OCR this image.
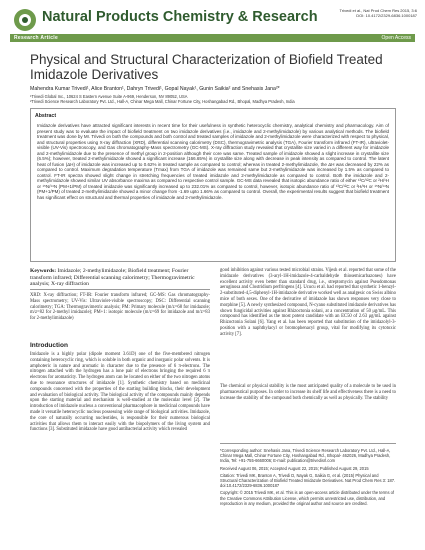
Natural Products Chemistry & Research	Trivedi et al., Nat Prod Chem Res 2015, 3:6
DOI: 10.4172/2329-6836.1000187
Research Article	Open Access
Physical and Structural Characterization of Biofield Treated Imidazole Derivatives
Mahendra Kumar Trivedi¹, Alice Branton¹, Dahryn Trivedi¹, Gopal Nayak¹, Gunin Saikia² and Snehasis Jana²*
¹Trivedi Global Inc., 10624 S Eastern Avenue Suite A-969, Henderson, NV 89052, USA
²Trivedi Science Research Laboratory Pvt. Ltd., Hall-A, Chinar Mega Mall, Chinar Fortune City, Hoshangabad Rd., Bhopal, Madhya Pradesh, India
Abstract
Imidazole derivatives have attracted significant interests in recent time for their usefulness in synthetic heterocyclic chemistry, analytical chemistry and pharmacology. Aim of present study was to evaluate the impact of biofield treatment on two imidazole derivatives (i.e., imidazole and 2-methylimidazole) by various analytical methods. The biofield treatment was done by Mr. Trivedi on both the compounds and both control and treated samples of imidazole and 2-methylimidazole were characterized with respect to physical, and structural properties using X-ray diffraction (XRD), differential scanning calorimetry (DSC), thermogravimetric analysis (TGA), Fourier transform infrared (FT-IR), ultraviolet-visible (UV-Vis) spectroscopy, and Gas chromatography-Mass spectrometry (GC-MS). X-ray diffraction study revealed that crystallite size varied in a different way for imidazole and 2-methylimidazole due to the presence of methyl group in 2-position although their core was same. Treated sample of imidazole showed a slight increase in crystallite size (6.5%); however, treated 2-methylimidazole showed a significant increase (166.65%) in crystallite size along with decrease in peak intensity as compared to control. The latent heat of fusion (ΔH) of imidazole was increased up to 0.62% in treated sample as compared to control; whereas in treated 2-methylimidazole, the ΔH was decreased by 22% as compared to control. Maximum degradation temperature (Tmax) from TGA of imidazole was remained same but 2-methylimidazole was increased by 1.5% as compared to control. FT-IR spectra showed slight change in stretching frequencies of treated imidazole and 2-methylimidazole as compared to control. Both the imidazole and 2-methylimidazole showed similar UV absorbance maxima as compared to respective control sample. GC-MS data revealed that isotopic abundance ratio of either ¹³C/¹²C or ²H/¹H or ¹⁵N/¹⁴N (PM+1/PM) of treated imidazole was significantly increased up to 232.01% as compared to control, however, isotopic abundance ratio of ¹³C/¹²C or ²H/¹H or ¹⁵N/¹⁴N (PM+1/PM) of treated 2-methylimidazole showed a minor change from -1.69 upto 1.66% as compared to control. Overall, the experimental results suggest that biofield treatment has significant effect on structural and thermal properties of imidazole and 2-methylimidazole.
Keywords: Imidazole; 2-methylimidazole; Biofield treatment; Fourier transform infrared; Differential scanning calorimetry; Thermogravimetric analysis; X-ray diffraction
XRD: X-ray diffraction; FT-IR: Fourier transform infrared; GC-MS: Gas chromatography-Mass spectrometry; UV-Vis: Ultraviolet-visible spectroscopy; DSC: Differential scanning calorimetry; TGA: Thermogravimetric analysis; PM: Primary molecule (m/z=68 for imidazole; m/z=82 for 2-methyl imidazole); PM+1: isotopic molecule (m/z=69 for imidazole and m/z=83 for 2-methylimidazole)
Introduction
Imidazole is a highly polar (dipole moment 3.61D) one of the five-membered nitrogen containing heterocyclic ring, which is soluble in both organic and inorganic polar solvents. It is amphoteric in nature and aromatic in character due to the presence of 6 π-electrons. The nitrogen attached with the hydrogen has a lone pair of electrons bringing the required 6 π electrons for aromaticity. The hydrogen atom can be located on either of the two nitrogen atoms due to resonance structures of imidazole [1]. Synthetic chemistry based on medicinal compounds concerned with the properties of the starting building blocks, their development and evaluation of biological activity. The biological activity of the compounds mainly depends upon the starting material and mechanism is well-studied at the molecular level [2]. The introduction of imidazole nucleus a conventional pharmacophore in medicinal compounds have made it versatile heterocyclic nucleus possessing wide range of biological activities. Imidazole, the core of naturally occurring nucleotides, is responsible for their numerous biological activities that allows them to interact easily with the biopolymers of the living system and functions [3]. Substituted imidazole have good antibacterial activity which revealed
good inhibition against various tested microbial strains. Vijesh et al. reported that some of the imidazole derivatives (3-aryl-1H-imidazole-4-carbaldehyde thiosemicarbazones) have excellent activity even better than standard drug, i.e., streptomycin against Pseudomonas aeruginosa and Clostridium perfringens [4]. Ucucu et al. had reported that synthetic 1-benzyl-2-substituted-4,5-diphenyl-1H-imidazole derivative worked well as analgesic on Swiss albino mice of both sexes. One of the derivative of imidazole has shown responses very close to morphine [5]. A newly synthesized compound, N-cyano substituted imidazole derivatives has shown fungicidal activities against Rhizoctonia solani, at a concentration of 50 μg/mL. This compound has identified as the most potent candidate with an EC50 of 2.63 μg/mL against Rhizoctonia Solani [6]. Yang et al. has been reported that substitution of the imidazolyl-3-position with a naphthylacyl or bromophenacyl group, vital for modifying its cytotoxic activity [7].
The chemical or physical stability is the most anticipated quality of a molecule to be used in pharmaceutical purposes. In order to increase its shelf life and effectiveness there is a need to increase the stability of the compound both chemically as well as physically. The stability

*Corresponding author: Snehasis Jana, Trivedi Science Research Laboratory Pvt. Ltd., Hall-A, Chinar Mega Mall, Chinar Fortune City, Hoshangabad Rd., Bhopal- 462026, Madhya Pradesh, India, Tel: +91-755-6660006; E-mail: publication@trivedisrl.com

Received August 06, 2015; Accepted August 22, 2015; Published August 29, 2015

Citation: Trivedi MK, Branton A, Trivedi D, Nayak G, Saikia G, et al. (2015) Physical and Structural Characterization of Biofield Treated Imidazole Derivatives. Nat Prod Chem Res 3: 187. doi:10.4172/2329-6836.1000187

Copyright: © 2015 Trivedi MK, et al. This is an open-access article distributed under the terms of the Creative Commons Attribution License, which permits unrestricted use, distribution, and reproduction in any medium, provided the original author and source are credited.
